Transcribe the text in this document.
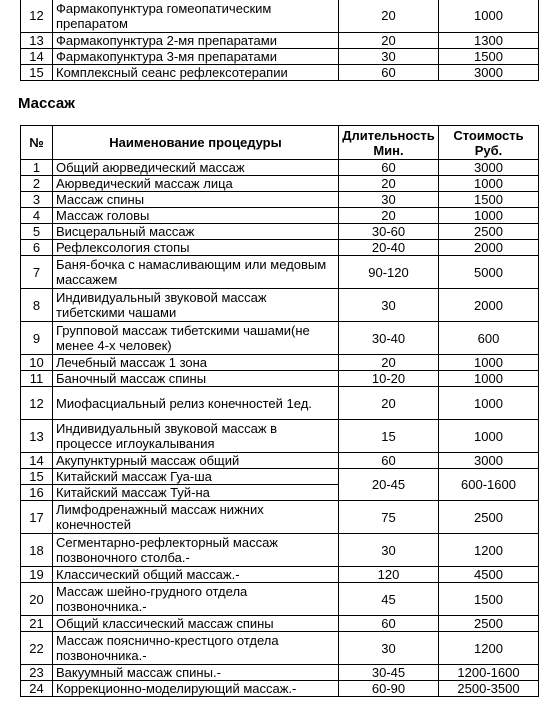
12	Фармакопунктура гомеопатическим препаратом	20	1000
13	Фармакопунктура 2-мя препаратами	20	1300
14	Фармакопунктура 3-мя препаратами	30	1500
15	Комплексный сеанс рефлексотерапии	60	3000
Массаж
№	Наименование процедуры	Длительность Мин.	Стоимость Руб.
1	Общий аюрведический массаж	60	3000
2	Аюрведический массаж лица	20	1000
3	Массаж спины	30	1500
4	Массаж головы	20	1000
5	Висцеральный массаж	30-60	2500
6	Рефлексология стопы	20-40	2000
7	Баня-бочка с намасливающим или медовым массажем	90-120	5000
8	Индивидуальный звуковой массаж тибетскими чашами	30	2000
9	Групповой массаж тибетскими чашами(не менее 4-х человек)	30-40	600
10	Лечебный массаж 1 зона	20	1000
11	Баночный массаж спины	10-20	1000
12	Миофасциальный релиз конечностей 1ед.	20	1000
13	Индивидуальный звуковой массаж в процессе иглоукалывания	15	1000
14	Акупунктурный массаж общий	60	3000
15	Китайский массаж Гуа-ша	20-45	600-1600
16	Китайский массаж Туй-на		
17	Лимфодренажный массаж нижних конечностей	75	2500
18	Сегментарно-рефлекторный массаж позвоночного столба.-	30	1200
19	Классический общий массаж.-	120	4500
20	Массаж шейно-грудного отдела позвоночника.-	45	1500
21	Общий классический массаж спины	60	2500
22	Массаж пояснично-крестцого отдела позвоночника.-	30	1200
23	Вакуумный массаж спины.-	30-45	1200-1600
24	Коррекционно-моделирующий массаж.-	60-90	2500-3500
